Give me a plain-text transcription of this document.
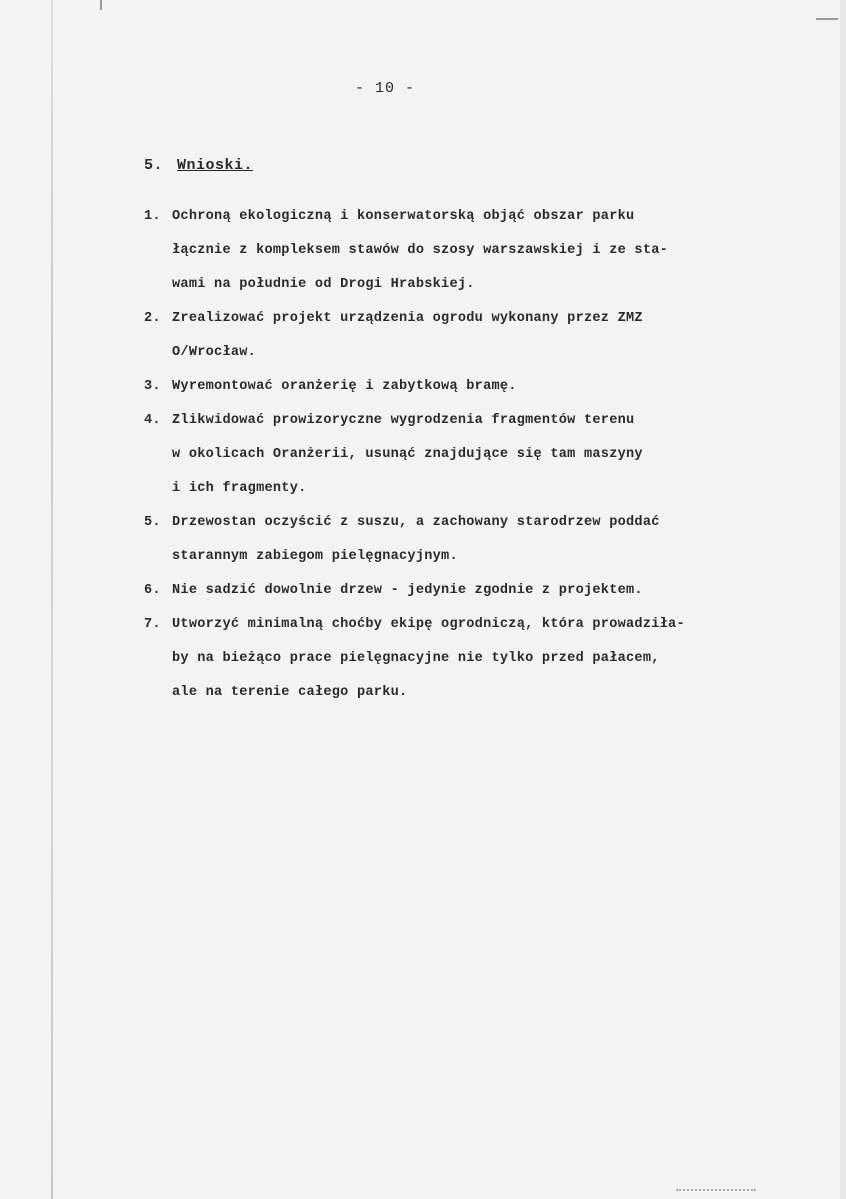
- 10 -
5. Wnioski.
1. Ochroną ekologiczną i konserwatorską objąć obszar parku
łącznie z kompleksem stawów do szosy warszawskiej i ze sta-
wami na południe od Drogi Hrabskiej.
2. Zrealizować projekt urządzenia ogrodu wykonany przez ZMZ
O/Wrocław.
3. Wyremontować oranżerię i zabytkową bramę.
4. Zlikwidować prowizoryczne wygrodzenia fragmentów terenu
w okolicach Oranżerii, usunąć znajdujące się tam maszyny
i ich fragmenty.
5. Drzewostan oczyścić z suszu, a zachowany starodrzew poddać
starannym zabiegom pielęgnacyjnym.
6. Nie sadzić dowolnie drzew - jedynie zgodnie z projektem.
7. Utworzyć minimalną choćby ekipę ogrodniczą, która prowadziła-
by na bieżąco prace pielęgnacyjne nie tylko przed pałacem,
ale na terenie całego parku.
